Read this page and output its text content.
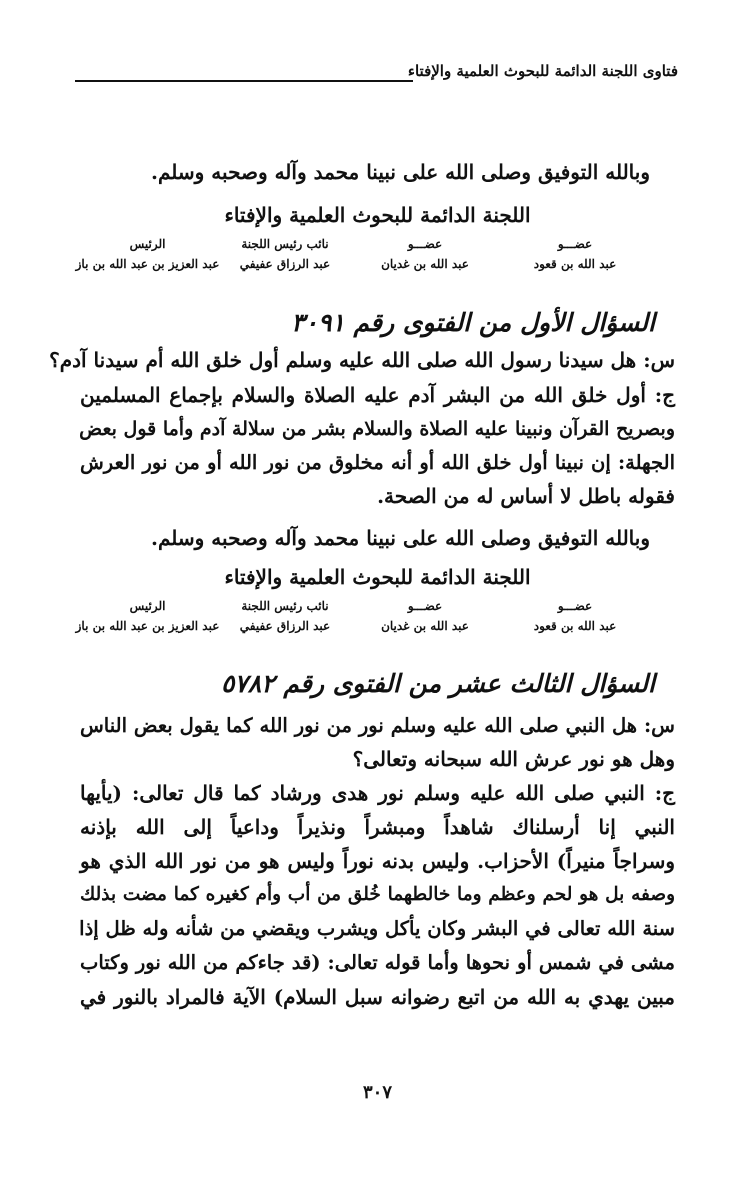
فتاوى اللجنة الدائمة للبحوث العلمية والإفتاء
وبالله التوفيق وصلى الله على نبينا محمد وآله وصحبه وسلم.
اللجنة الدائمة للبحوث العلمية والإفتاء
عضـــو
عبد الله بن قعود
عضـــو
عبد الله بن غديان
نائب رئيس اللجنة
عبد الرزاق عفيفي
الرئيس
عبد العزيز بن عبد الله بن باز
السؤال الأول من الفتوى رقم ٣٠٩١
س: هل سيدنا رسول الله صلى الله عليه وسلم أول خلق الله أم سيدنا آدم؟
ج: أول خلق الله من البشر آدم عليه الصلاة والسلام بإجماع المسلمين
وبصريح القرآن ونبينا عليه الصلاة والسلام بشر من سلالة آدم وأما قول بعض
الجهلة: إن نبينا أول خلق الله أو أنه مخلوق من نور الله أو من نور العرش
فقوله باطل لا أساس له من الصحة.
وبالله التوفيق وصلى الله على نبينا محمد وآله وصحبه وسلم.
اللجنة الدائمة للبحوث العلمية والإفتاء
عضـــو
عبد الله بن قعود
عضـــو
عبد الله بن غديان
نائب رئيس اللجنة
عبد الرزاق عفيفي
الرئيس
عبد العزيز بن عبد الله بن باز
السؤال الثالث عشر من الفتوى رقم ٥٧٨٢
س: هل النبي صلى الله عليه وسلم نور من نور الله كما يقول بعض الناس
وهل هو نور عرش الله سبحانه وتعالى؟
ج: النبي صلى الله عليه وسلم نور هدى ورشاد كما قال تعالى: (يأيها
النبي إنا أرسلناك شاهداً ومبشراً ونذيراً وداعياً إلى الله بإذنه
وسراجاً منيراً) الأحزاب. وليس بدنه نوراً وليس هو من نور الله الذي هو
وصفه بل هو لحم وعظم وما خالطهما خُلق من أب وأم كغيره كما مضت بذلك
سنة الله تعالى في البشر وكان يأكل ويشرب ويقضي من شأنه وله ظل إذا
مشى في شمس أو نحوها وأما قوله تعالى: (قد جاءكم من الله نور وكتاب
مبين يهدي به الله من اتبع رضوانه سبل السلام) الآية فالمراد بالنور في
٣٠٧
